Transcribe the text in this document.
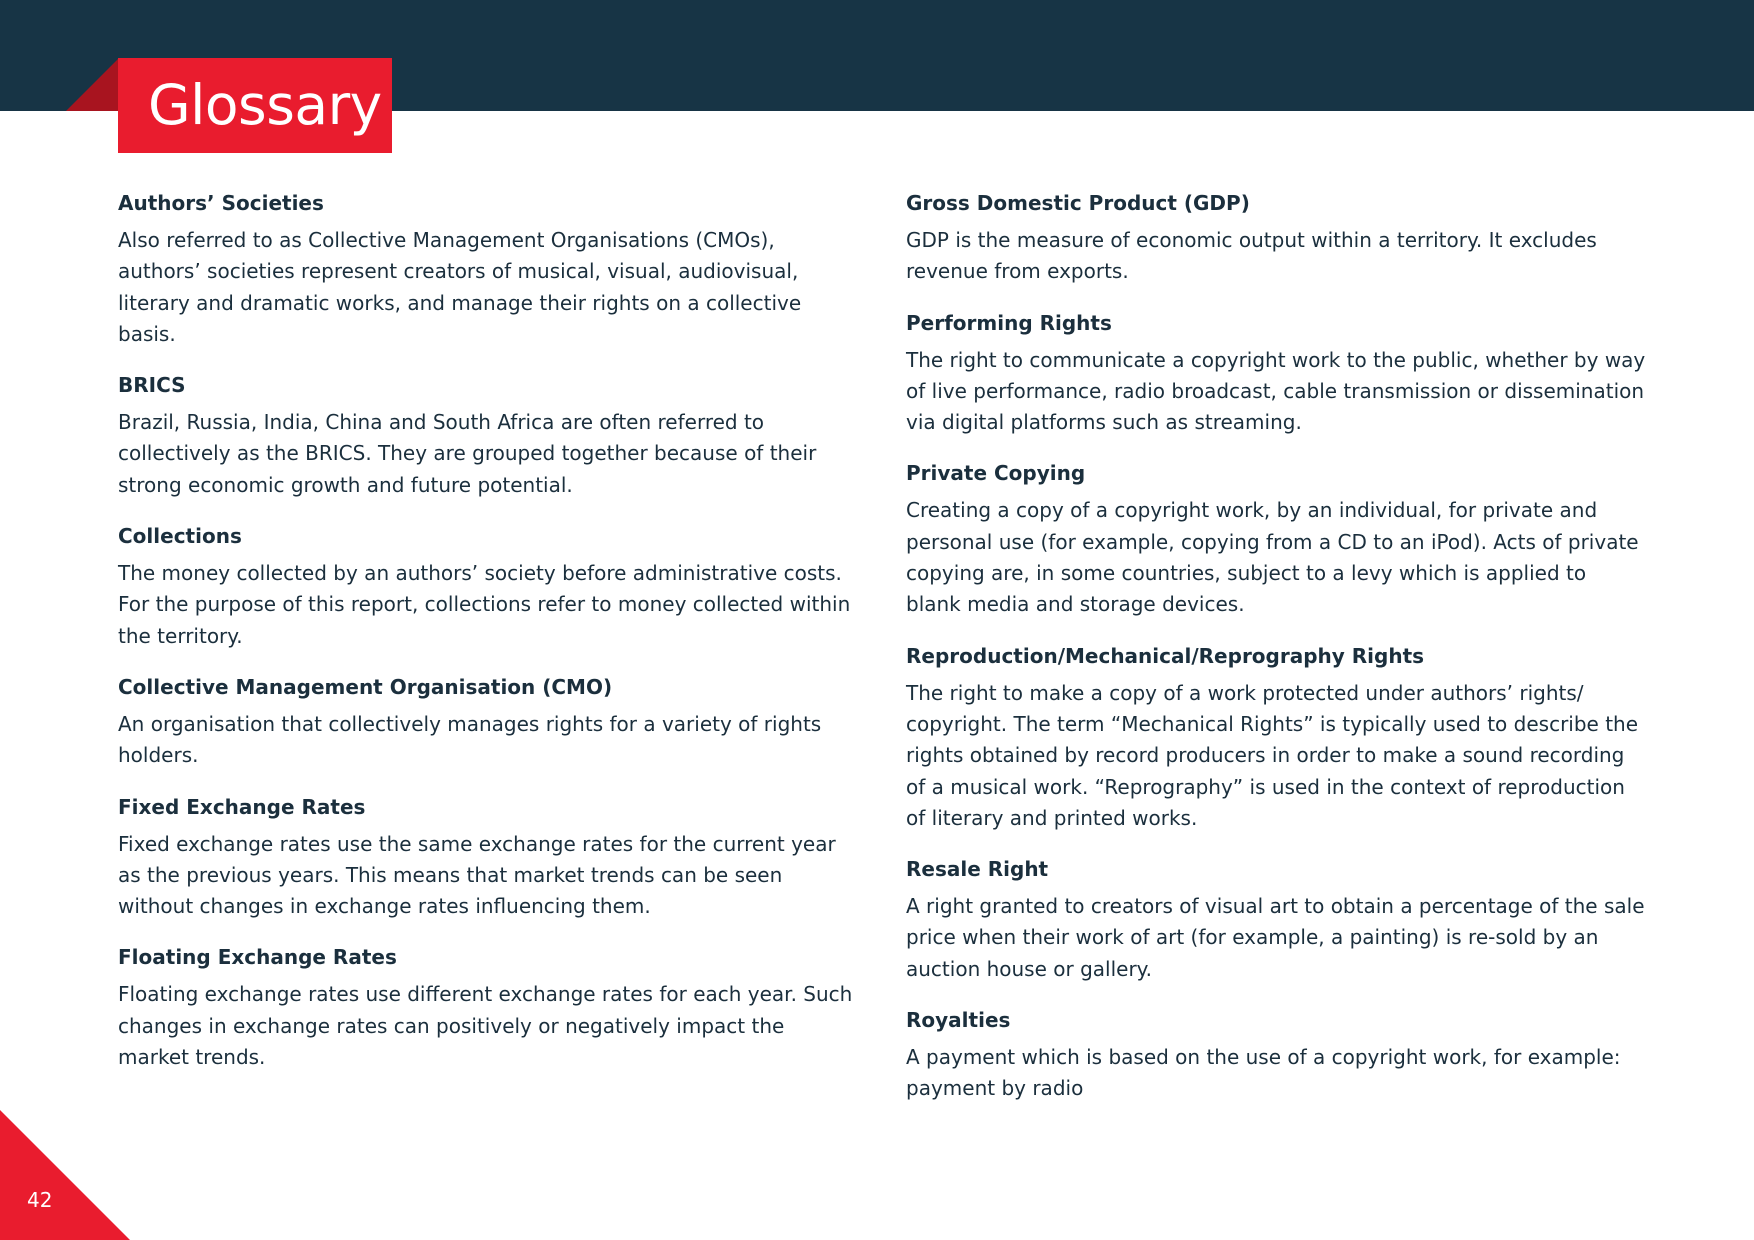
Glossary
Authors’ Societies

Also referred to as Collective Management Organisations (CMOs), authors’ societies represent creators of musical, visual, audiovisual, literary and dramatic works, and manage their rights on a collective basis.

BRICS

Brazil, Russia, India, China and South Africa are often referred to collectively as the BRICS. They are grouped together because of their strong economic growth and future potential.

Collections

The money collected by an authors’ society before administrative costs. For the purpose of this report, collections refer to money collected within the territory.

Collective Management Organisation (CMO)

An organisation that collectively manages rights for a variety of rights holders.

Fixed Exchange Rates

Fixed exchange rates use the same exchange rates for the current year as the previous years. This means that market trends can be seen without changes in exchange rates influencing them.

Floating Exchange Rates

Floating exchange rates use different exchange rates for each year. Such changes in exchange rates can positively or negatively impact the market trends.

Gross Domestic Product (GDP)

GDP is the measure of economic output within a territory. It excludes revenue from exports.

Performing Rights

The right to communicate a copyright work to the public, whether by way of live performance, radio broadcast, cable transmission or dissemination via digital platforms such as streaming.

Private Copying

Creating a copy of a copyright work, by an individual, for private and personal use (for example, copying from a CD to an iPod). Acts of private copying are, in some countries, subject to a levy which is applied to blank media and storage devices.

Reproduction/Mechanical/Reprography Rights

The right to make a copy of a work protected under authors’ rights/ copyright. The term “Mechanical Rights” is typically used to describe the rights obtained by record producers in order to make a sound recording of a musical work. “Reprography” is used in the context of reproduction of literary and printed works.

Resale Right

A right granted to creators of visual art to obtain a percentage of the sale price when their work of art (for example, a painting) is re-sold by an auction house or gallery.

Royalties

A payment which is based on the use of a copyright work, for example: payment by radio

42
